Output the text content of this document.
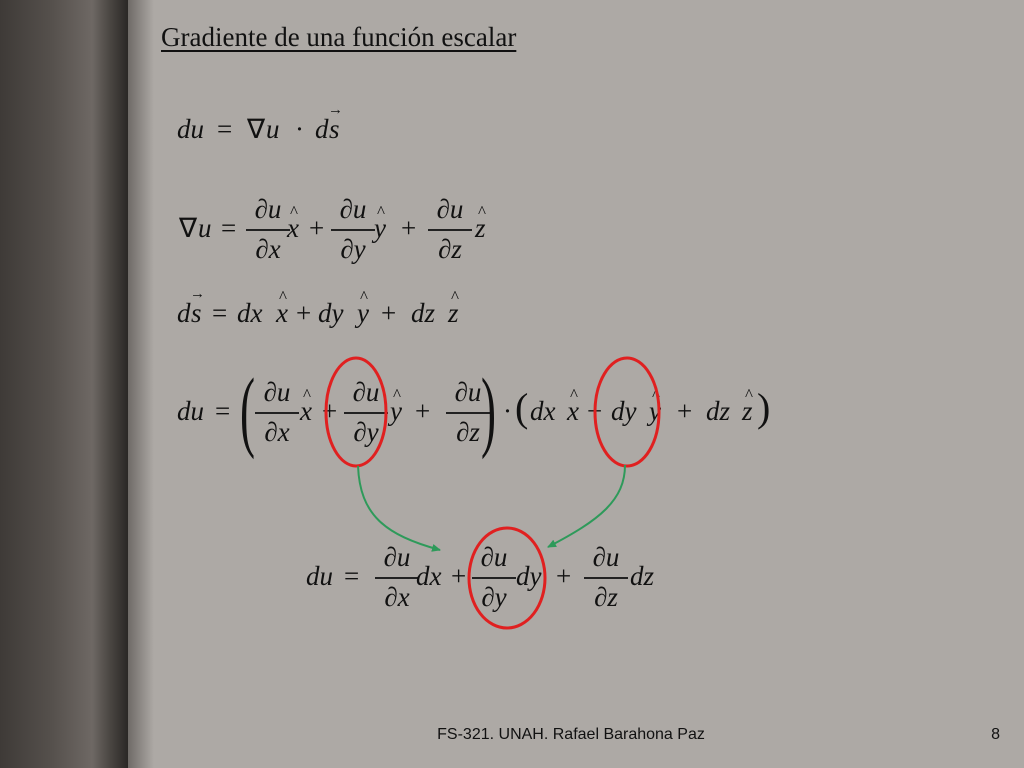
Gradiente de una función escalar
du = ∇ u · d s →
∇ u =
∂u
∂x
x ^ +
∂u
∂y
y ^ +
∂u
∂z
z ^
d s → = dx x ^ + dy y ^ + dz z ^
du = ( ∂u
∂x
x ^ +
∂u
∂y
y ^ +
∂u
∂z ) · ( dx x ^ + dy y ^ + dz z ^ )
du =
∂u
∂x
dx +
∂u
∂y
dy +
∂u
∂z
dz
FS-321. UNAH. Rafael Barahona Paz	8
